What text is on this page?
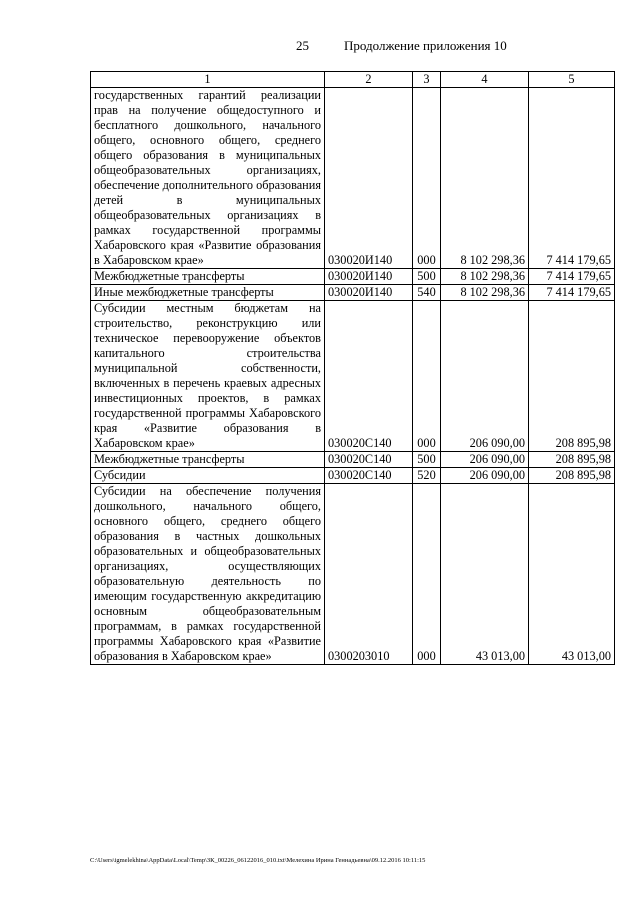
25	Продолжение приложения 10
1	2	3	4	5
государственных гарантий реализации прав на получение общедоступного и бесплатного дошкольного, начального общего, основного общего, среднего общего образования в муниципальных общеобразовательных организациях, обеспечение дополнительного образования детей в муниципальных общеобразовательных организациях в рамках государственной программы Хабаровского края «Развитие образования в Хабаровском крае»	030020И140	000	8 102 298,36	7 414 179,65
Межбюджетные трансферты	030020И140	500	8 102 298,36	7 414 179,65
Иные межбюджетные трансферты	030020И140	540	8 102 298,36	7 414 179,65
Субсидии местным бюджетам на строительство, реконструкцию или техническое перевооружение объектов капитального строительства муниципальной собственности, включенных в перечень краевых адресных инвестиционных проектов, в рамках государственной программы Хабаровского края «Развитие образования в Хабаровском крае»	030020С140	000	206 090,00	208 895,98
Межбюджетные трансферты	030020С140	500	206 090,00	208 895,98
Субсидии	030020С140	520	206 090,00	208 895,98
Субсидии на обеспечение получения дошкольного, начального общего, основного общего, среднего общего образования в частных дошкольных образовательных и общеобразовательных организациях, осуществляющих образовательную деятельность по имеющим государственную аккредитацию основным общеобразовательным программам, в рамках государственной программы Хабаровского края «Развитие образования в Хабаровском крае»	0300203010	000	43 013,00	43 013,00
C:\Users\igmelekhina\AppData\Local\Temp\ЗК_00226_06122016_010.txt\Мелехина Ирина Геннадьевна\09.12.2016 10:11:15
